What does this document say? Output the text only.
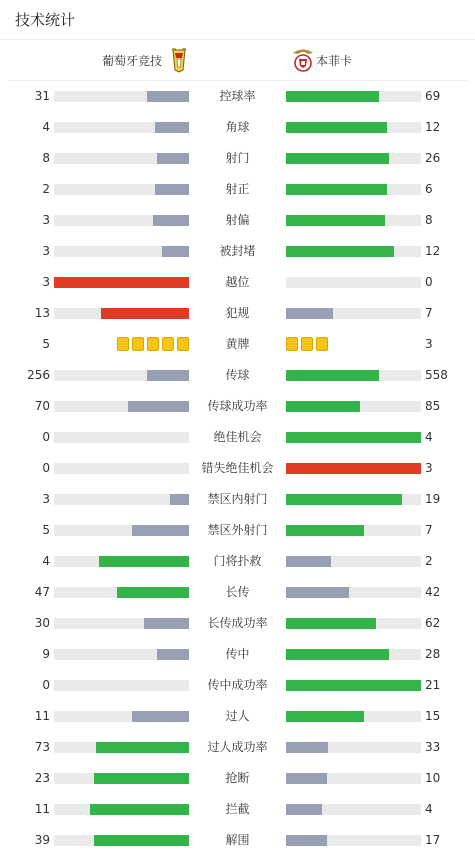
技术统计
葡萄牙竞技	本菲卡
31	控球率	69
4	角球	12
8	射门	26
2	射正	6
3	射偏	8
3	被封堵	12
3	越位	0
13	犯规	7
5	黄牌	3
256	传球	558
70	传球成功率	85
0	绝佳机会	4
0	错失绝佳机会	3
3	禁区内射门	19
5	禁区外射门	7
4	门将扑救	2
47	长传	42
30	长传成功率	62
9	传中	28
0	传中成功率	21
11	过人	15
73	过人成功率	33
23	抢断	10
11	拦截	4
39	解围	17
